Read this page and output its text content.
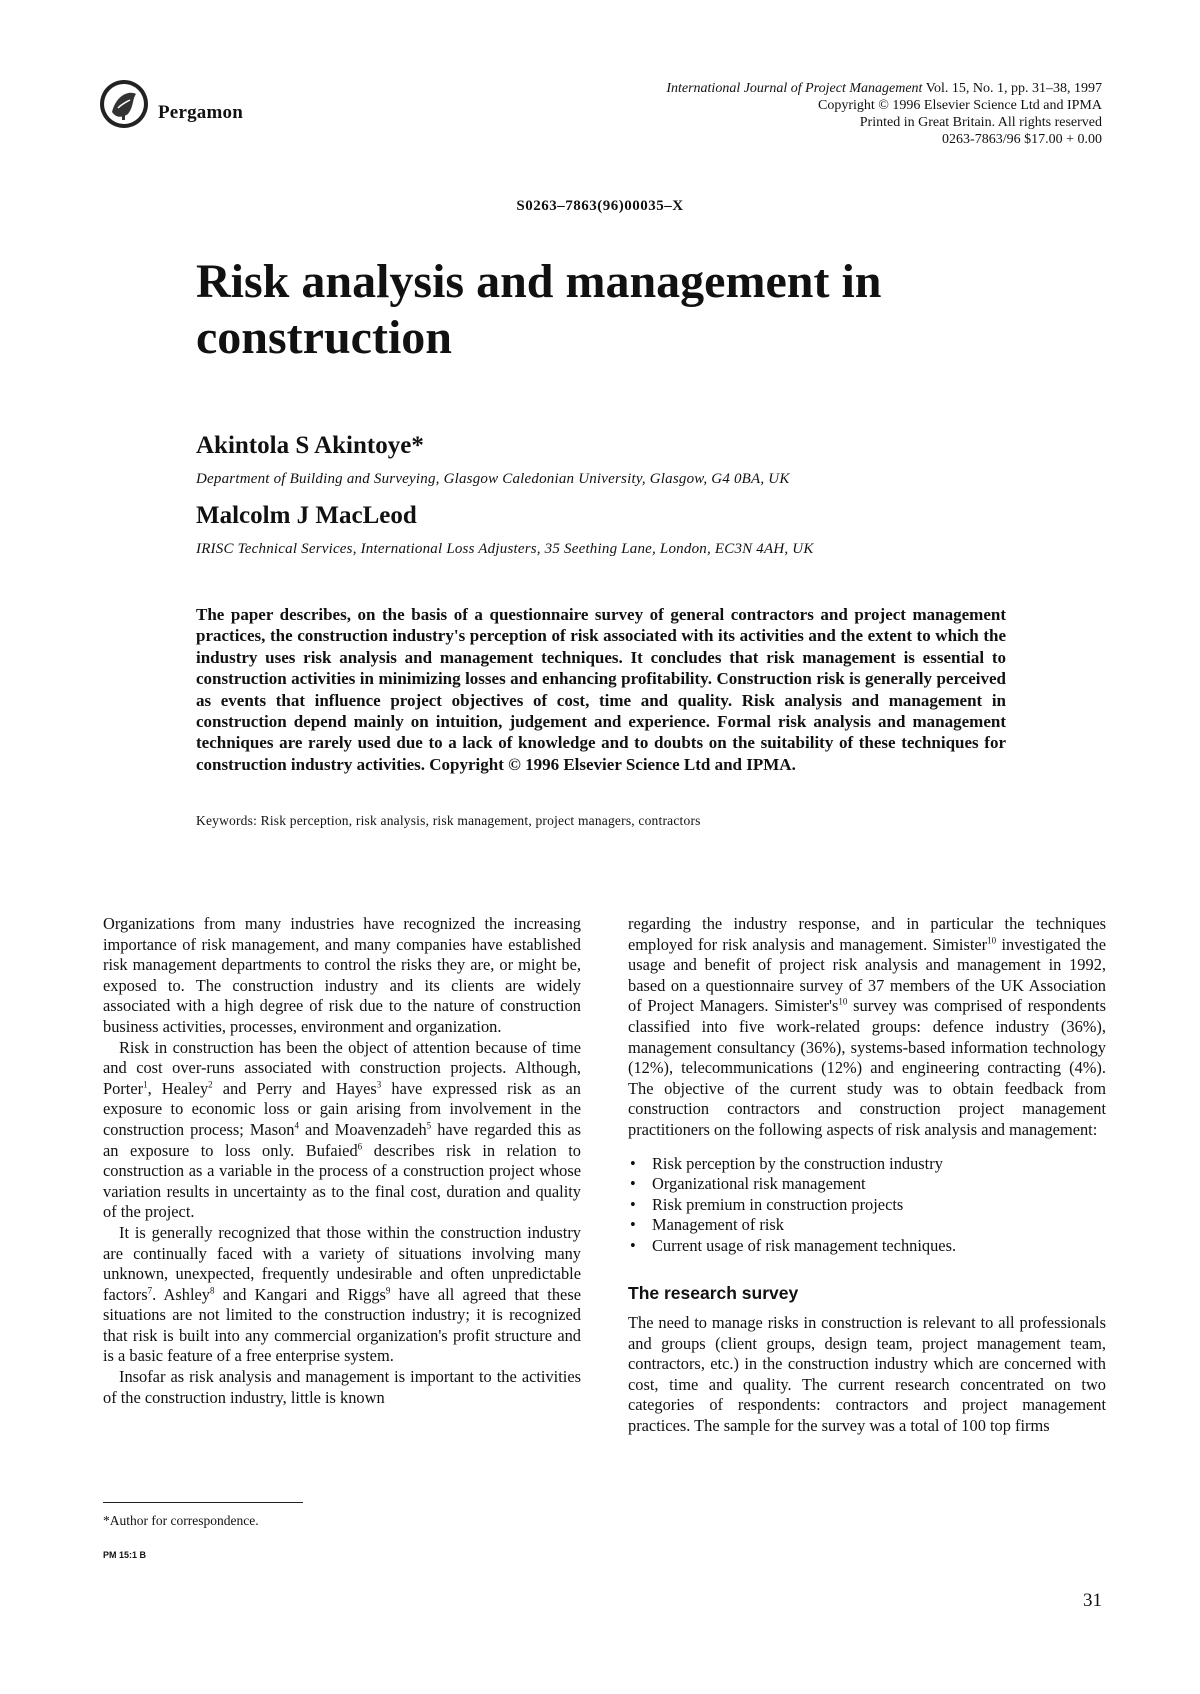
Pergamon
International Journal of Project Management Vol. 15, No. 1, pp. 31–38, 1997
Copyright © 1996 Elsevier Science Ltd and IPMA
Printed in Great Britain. All rights reserved
0263-7863/96 $17.00 + 0.00
S0263–7863(96)00035–X
Risk analysis and management in construction
Akintola S Akintoye*
Department of Building and Surveying, Glasgow Caledonian University, Glasgow, G4 0BA, UK
Malcolm J MacLeod
IRISC Technical Services, International Loss Adjusters, 35 Seething Lane, London, EC3N 4AH, UK

The paper describes, on the basis of a questionnaire survey of general contractors and project management practices, the construction industry's perception of risk associated with its activities and the extent to which the industry uses risk analysis and management techniques. It concludes that risk management is essential to construction activities in minimizing losses and enhancing profitability. Construction risk is generally perceived as events that influence project objectives of cost, time and quality. Risk analysis and management in construction depend mainly on intuition, judgement and experience. Formal risk analysis and management techniques are rarely used due to a lack of knowledge and to doubts on the suitability of these techniques for construction industry activities. Copyright © 1996 Elsevier Science Ltd and IPMA.

Keywords: Risk perception, risk analysis, risk management, project managers, contractors

Organizations from many industries have recognized the increasing importance of risk management, and many companies have established risk management departments to control the risks they are, or might be, exposed to. The construction industry and its clients are widely associated with a high degree of risk due to the nature of construction business activities, processes, environment and organization.

Risk in construction has been the object of attention because of time and cost over-runs associated with construction projects. Although, Porter$^1$, Healey$^2$ and Perry and Hayes$^3$ have expressed risk as an exposure to economic loss or gain arising from involvement in the construction process; Mason$^4$ and Moavenzadeh$^5$ have regarded this as an exposure to loss only. Bufaied$^6$ describes risk in relation to construction as a variable in the process of a construction project whose variation results in uncertainty as to the final cost, duration and quality of the project.

It is generally recognized that those within the construction industry are continually faced with a variety of situations involving many unknown, unexpected, frequently undesirable and often unpredictable factors$^7$. Ashley$^8$ and Kangari and Riggs$^9$ have all agreed that these situations are not limited to the construction industry; it is recognized that risk is built into any commercial organization's profit structure and is a basic feature of a free enterprise system.

Insofar as risk analysis and management is important to the activities of the construction industry, little is known

regarding the industry response, and in particular the techniques employed for risk analysis and management. Simister$^{10}$ investigated the usage and benefit of project risk analysis and management in 1992, based on a questionnaire survey of 37 members of the UK Association of Project Managers. $Simister's^{10}$ survey was comprised of respondents classified into five work-related groups: defence industry (36%), management consultancy (36%), systems-based information technology (12%), telecommunications (12%) and engineering contracting (4%). The objective of the current study was to obtain feedback from construction contractors and construction project management practitioners on the following aspects of risk analysis and management:

• Risk perception by the construction industry
• Organizational risk management
• Risk premium in construction projects
• Management of risk
• Current usage of risk management techniques.
The research survey

The need to manage risks in construction is relevant to all professionals and groups (client groups, design team, project management team, contractors, etc.) in the construction industry which are concerned with cost, time and quality. The current research concentrated on two categories of respondents: contractors and project management practices. The sample for the survey was a total of 100 top firms

*Author for correspondence.
PM 15:1 B
31
